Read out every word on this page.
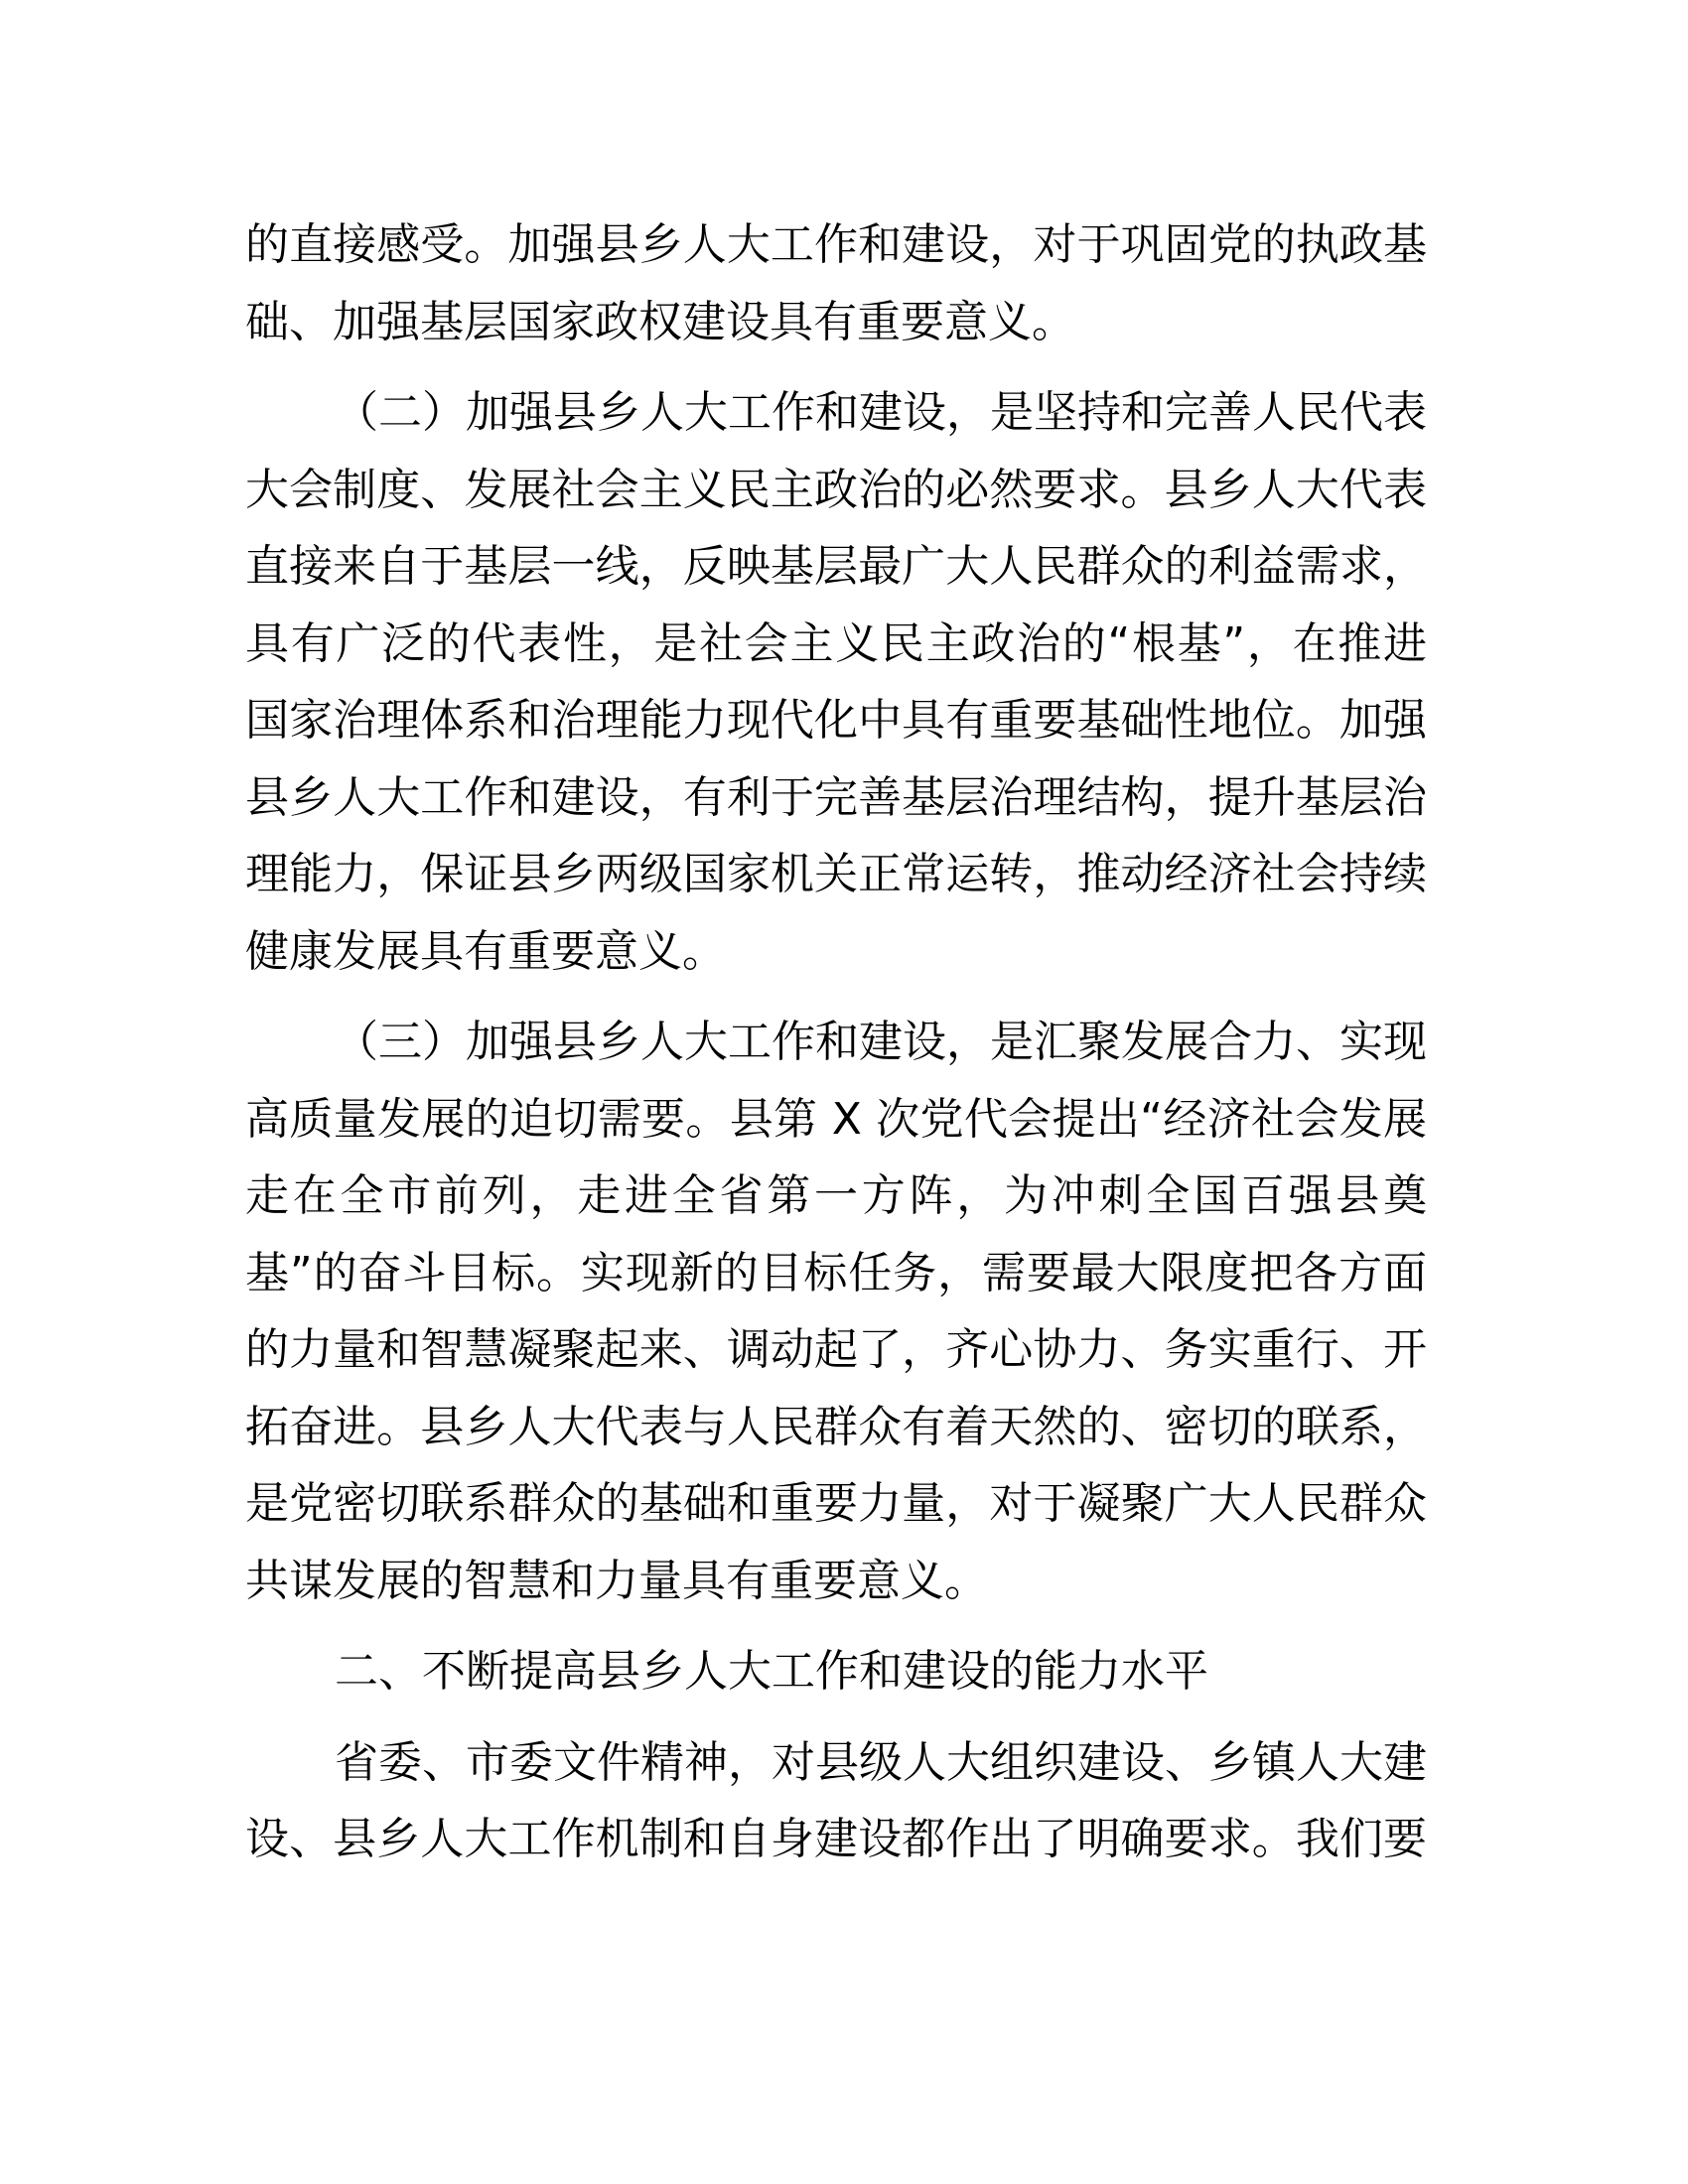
的直接感受。加强县乡人大工作和建设，对于巩固党的执政基
础、加强基层国家政权建设具有重要意义。
（二）加强县乡人大工作和建设，是坚持和完善人民代表
大会制度、发展社会主义民主政治的必然要求。县乡人大代表
直接来自于基层一线，反映基层最广大人民群众的利益需求，
具有广泛的代表性，是社会主义民主政治的“根基”，在推进
国家治理体系和治理能力现代化中具有重要基础性地位。加强
县乡人大工作和建设，有利于完善基层治理结构，提升基层治
理能力，保证县乡两级国家机关正常运转，推动经济社会持续
健康发展具有重要意义。
（三）加强县乡人大工作和建设，是汇聚发展合力、实现
高质量发展的迫切需要。县第 X 次党代会提出“经济社会发展
走在全市前列，走进全省第一方阵，为冲刺全国百强县奠
基”的奋斗目标。实现新的目标任务，需要最大限度把各方面
的力量和智慧凝聚起来、调动起了，齐心协力、务实重行、开
拓奋进。县乡人大代表与人民群众有着天然的、密切的联系，
是党密切联系群众的基础和重要力量，对于凝聚广大人民群众
共谋发展的智慧和力量具有重要意义。
二、不断提高县乡人大工作和建设的能力水平
省委、市委文件精神，对县级人大组织建设、乡镇人大建
设、县乡人大工作机制和自身建设都作出了明确要求。我们要
